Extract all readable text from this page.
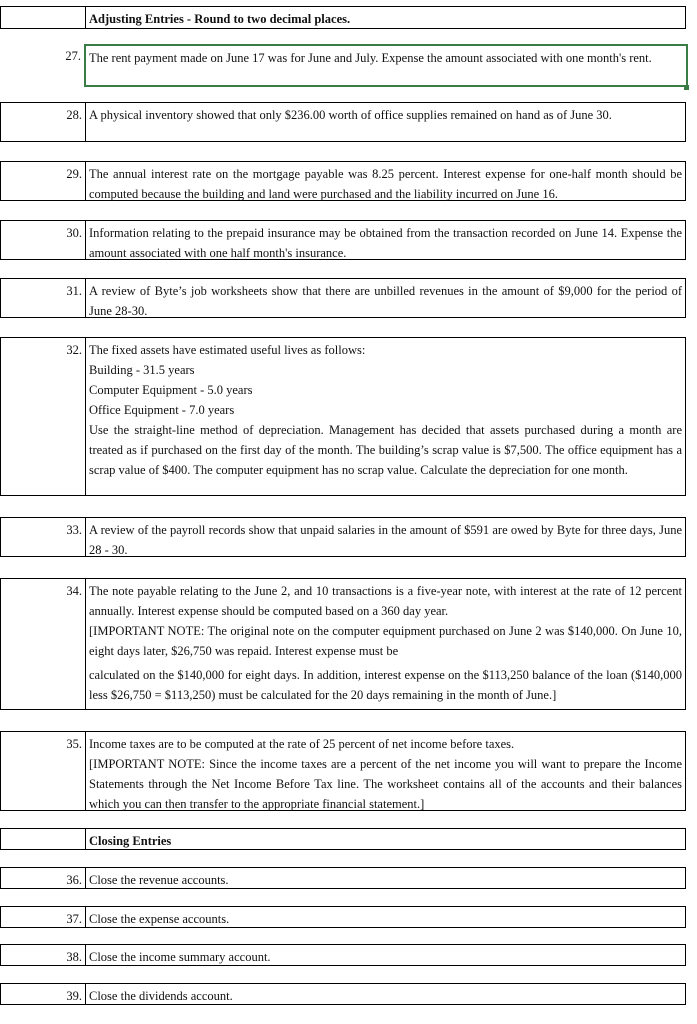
Adjusting Entries - Round to two decimal places.
27. The rent payment made on June 17 was for June and July. Expense the amount associated with one month's rent.
28. A physical inventory showed that only $236.00 worth of office supplies remained on hand as of June 30.
29. The annual interest rate on the mortgage payable was 8.25 percent. Interest expense for one-half month should be computed because the building and land were purchased and the liability incurred on June 16.
30. Information relating to the prepaid insurance may be obtained from the transaction recorded on June 14. Expense the amount associated with one half month's insurance.
31. A review of Byte’s job worksheets show that there are unbilled revenues in the amount of $9,000 for the period of June 28-30.
32. The fixed assets have estimated useful lives as follows:
Building - 31.5 years
Computer Equipment - 5.0 years
Office Equipment - 7.0 years

Use the straight-line method of depreciation. Management has decided that assets purchased during a month are treated as if purchased on the first day of the month. The building’s scrap value is $7,500. The office equipment has a scrap value of $400. The computer equipment has no scrap value. Calculate the depreciation for one month.

33. A review of the payroll records show that unpaid salaries in the amount of $591 are owed by Byte for three days, June 28 - 30.
34. The note payable relating to the June 2, and 10 transactions is a five-year note, with interest at the rate of 12 percent annually. Interest expense should be computed based on a 360 day year.

[IMPORTANT NOTE: The original note on the computer equipment purchased on June 2 was $140,000. On June 10, eight days later, $26,750 was repaid. Interest expense must be

calculated on the $140,000 for eight days. In addition, interest expense on the $113,250 balance of the loan ($140,000 less $26,750 = $113,250) must be calculated for the 20 days remaining in the month of June.]

35. Income taxes are to be computed at the rate of 25 percent of net income before taxes.

[IMPORTANT NOTE: Since the income taxes are a percent of the net income you will want to prepare the Income Statements through the Net Income Before Tax line. The worksheet contains all of the accounts and their balances which you can then transfer to the appropriate financial statement.]

Closing Entries
36. Close the revenue accounts.
37. Close the expense accounts.
38. Close the income summary account.
39. Close the dividends account.
